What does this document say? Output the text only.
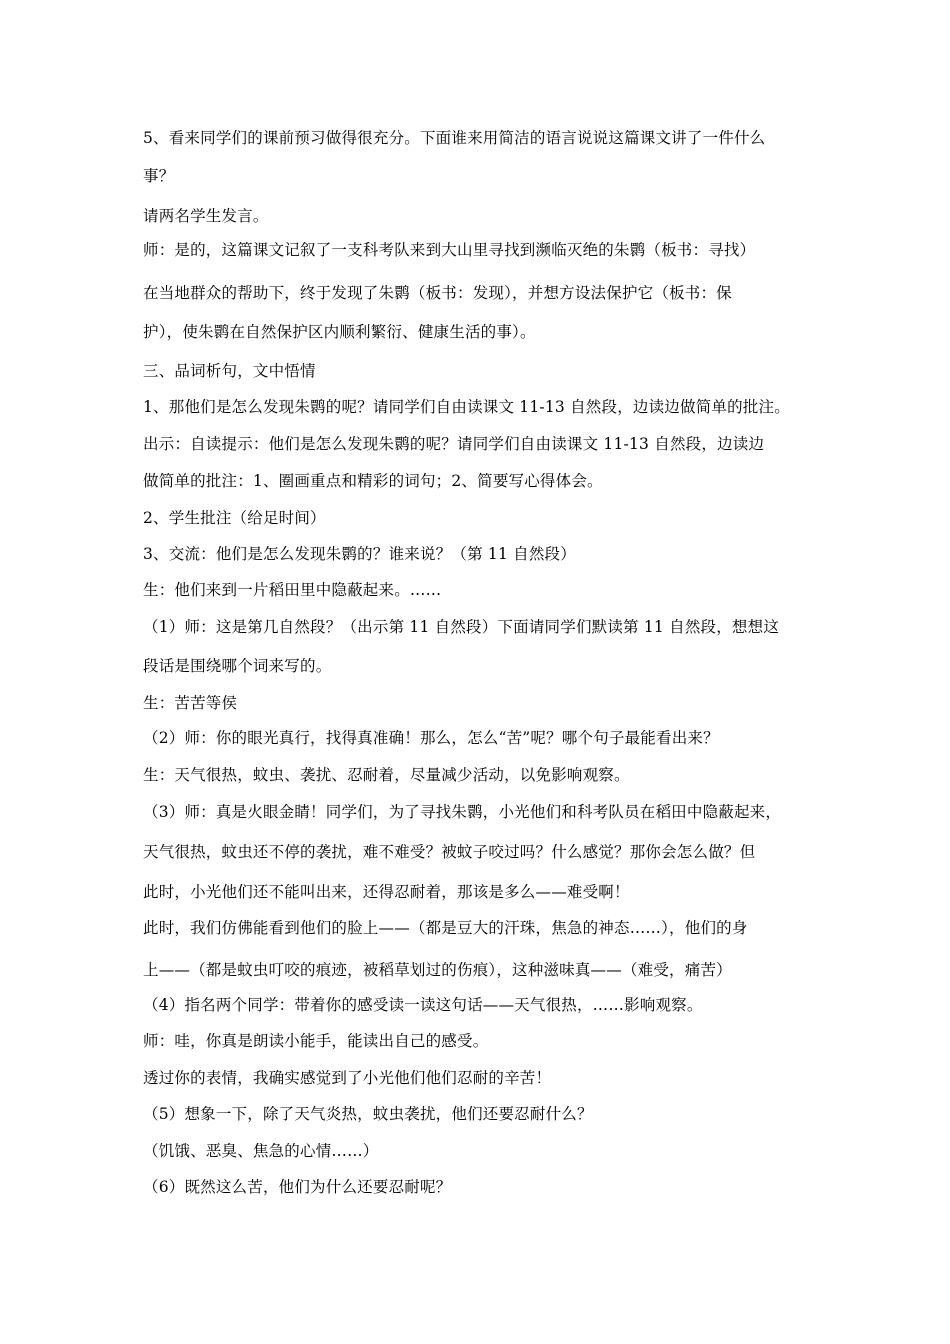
5、看来同学们的课前预习做得很充分。下面谁来用简洁的语言说说这篇课文讲了一件什么
事？
请两名学生发言。
师：是的，这篇课文记叙了一支科考队来到大山里寻找到濒临灭绝的朱鹮（板书：寻找）
在当地群众的帮助下，终于发现了朱鹮（板书：发现），并想方设法保护它（板书：保
护），使朱鹮在自然保护区内顺利繁衍、健康生活的事）。
三、品词析句，文中悟情
1、那他们是怎么发现朱鹮的呢？请同学们自由读课文 11-13 自然段，边读边做简单的批注。
出示：自读提示：他们是怎么发现朱鹮的呢？请同学们自由读课文 11-13 自然段，边读边
做简单的批注：1、圈画重点和精彩的词句；2、简要写心得体会。
2、学生批注（给足时间）
3、交流：他们是怎么发现朱鹮的？谁来说？（第 11 自然段）
生：他们来到一片稻田里中隐蔽起来。……
（1）师：这是第几自然段？（出示第 11 自然段）下面请同学们默读第 11 自然段，想想这
段话是围绕哪个词来写的。
生：苦苦等侯
（2）师：你的眼光真行，找得真准确！那么，怎么“苦”呢？哪个句子最能看出来？
生：天气很热，蚊虫、袭扰、忍耐着，尽量减少活动，以免影响观察。
（3）师：真是火眼金睛！同学们，为了寻找朱鹮，小光他们和科考队员在稻田中隐蔽起来，
天气很热，蚊虫还不停的袭扰，难不难受？被蚊子咬过吗？什么感觉？那你会怎么做？但
此时，小光他们还不能叫出来，还得忍耐着，那该是多么——难受啊！
此时，我们仿佛能看到他们的脸上——（都是豆大的汗珠，焦急的神态……），他们的身
上——（都是蚊虫叮咬的痕迹，被稻草划过的伤痕），这种滋味真——（难受，痛苦）
（4）指名两个同学：带着你的感受读一读这句话——天气很热，……影响观察。
师：哇，你真是朗读小能手，能读出自己的感受。
透过你的表情，我确实感觉到了小光他们他们忍耐的辛苦！
（5）想象一下，除了天气炎热，蚊虫袭扰，他们还要忍耐什么？
（饥饿、恶臭、焦急的心情……）
（6）既然这么苦，他们为什么还要忍耐呢？
